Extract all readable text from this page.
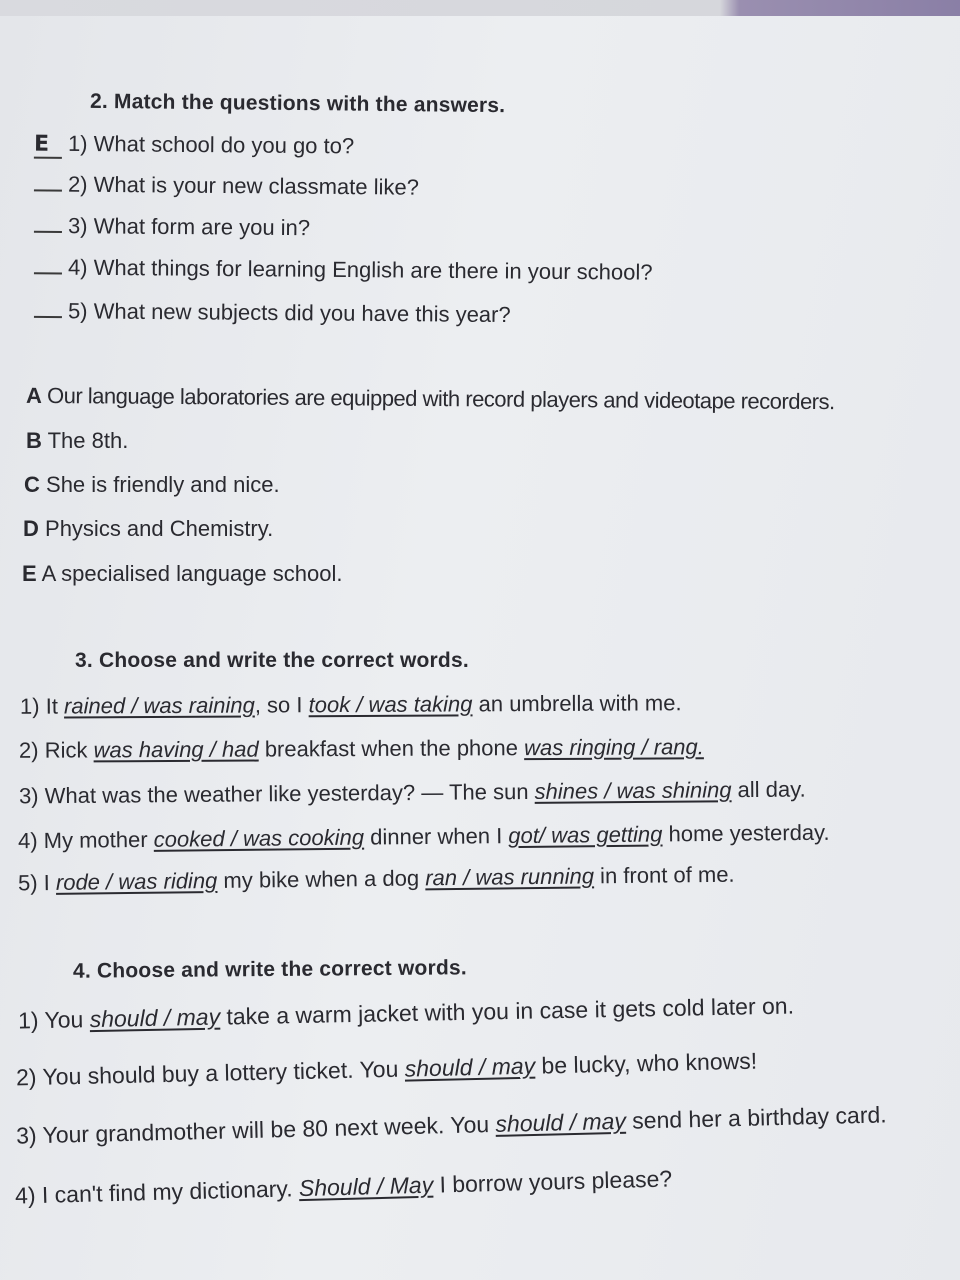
2. Match the questions with the answers.
E 1) What school do you go to?
2) What is your new classmate like?
3) What form are you in?
4) What things for learning English are there in your school?
5) What new subjects did you have this year?
A Our language laboratories are equipped with record players and videotape recorders.
B The 8th.
C She is friendly and nice.
D Physics and Chemistry.
E A specialised language school.
3. Choose and write the correct words.
1) It rained / was raining, so I took / was taking an umbrella with me.
2) Rick was having / had breakfast when the phone was ringing / rang.
3) What was the weather like yesterday? — The sun shines / was shining all day.
4) My mother cooked / was cooking dinner when I got/ was getting home yesterday.
5) I rode / was riding my bike when a dog ran / was running in front of me.
4. Choose and write the correct words.
1) You should / may take a warm jacket with you in case it gets cold later on.
2) You should buy a lottery ticket. You should / may be lucky, who knows!
3) Your grandmother will be 80 next week. You should / may send her a birthday card.
4) I can't find my dictionary. Should / May I borrow yours please?
